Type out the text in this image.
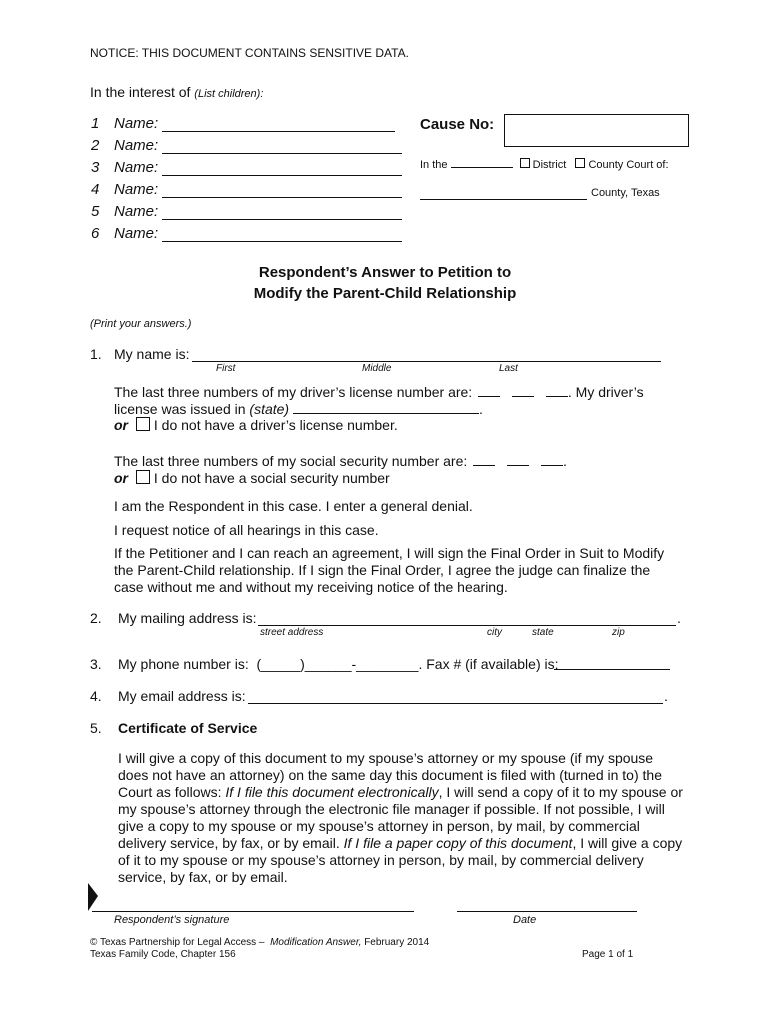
NOTICE: THIS DOCUMENT CONTAINS SENSITIVE DATA.
In the interest of (List children):
1 Name:
2 Name:
3 Name:
4 Name:
5 Name:
6 Name:
Cause No:
In the	District County Court of:
County, Texas
Respondent’s Answer to Petition to
Modify the Parent-Child Relationship
(Print your answers.)
1. My name is:
First	Middle	Last
The last three numbers of my driver’s license number are:	. My driver’s
license was issued in (state)	.
or I do not have a driver’s license number.
The last three numbers of my social security number are:	.
or I do not have a social security number
I am the Respondent in this case. I enter a general denial.
I request notice of all hearings in this case.
If the Petitioner and I can reach an agreement, I will sign the Final Order in Suit to Modify the Parent-Child relationship. If I sign the Final Order, I agree the judge can finalize the case without me and without my receiving notice of the hearing.
2. My mailing address is:	.
street address	city	state	zip
3. My phone number is: (_____)______-________. Fax # (if available) is:
4. My email address is:	.
5. Certificate of Service
I will give a copy of this document to my spouse’s attorney or my spouse (if my spouse does not have an attorney) on the same day this document is filed with (turned in to) the Court as follows: If I file this document electronically, I will send a copy of it to my spouse or my spouse’s attorney through the electronic file manager if possible. If not possible, I will give a copy to my spouse or my spouse’s attorney in person, by mail, by commercial delivery service, by fax, or by email. If I file a paper copy of this document, I will give a copy of it to my spouse or my spouse’s attorney in person, by mail, by commercial delivery service, by fax, or by email.
Respondent’s signature	Date
© Texas Partnership for Legal Access – Modification Answer, February 2014
Texas Family Code, Chapter 156	Page 1 of 1
